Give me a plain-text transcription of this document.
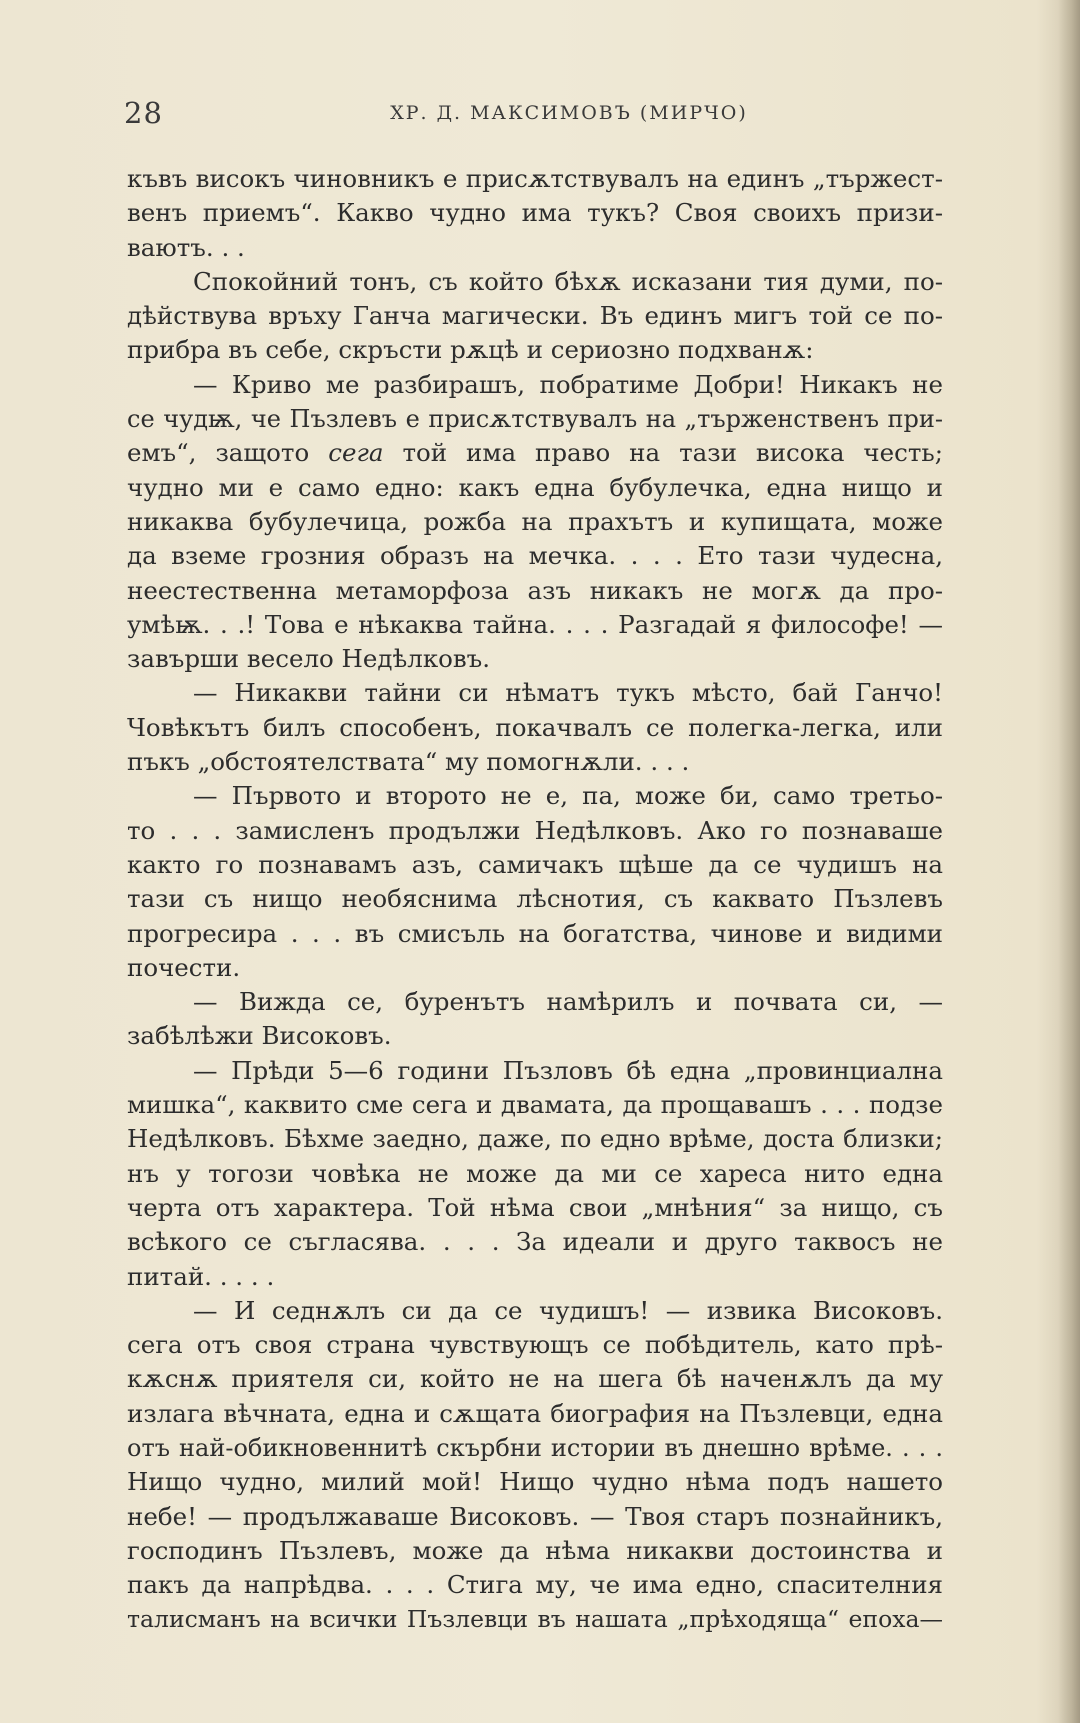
28	ХР. Д. МАКСИМОВЪ (МИРЧО)
къвъ високъ чиновникъ е присѫтствувалъ на единъ „тържест-
венъ приемъ“. Какво чудно има тукъ? Своя своихъ призи-
ваютъ. . .
Спокойний тонъ, съ който бѣхѫ исказани тия думи, по-
дѣйствува връху Ганча магически. Въ единъ мигъ той се по-
прибра въ себе, скръсти рѫцѣ и сериозно подхванѫ:
— Криво ме разбирашъ, побратиме Добри! Никакъ не
се чудѭ, че Пъзлевъ е присѫтствувалъ на „търженственъ при-
емъ“, защото сега той има право на тази висока честь;
чудно ми е само едно: какъ една бубулечка, една нищо и
никаква бубулечица, рожба на прахътъ и купищата, може
да вземе грозния образъ на мечка. . . . Ето тази чудесна,
неестественна метаморфоза азъ никакъ не могѫ да про-
умѣѭ. . .! Това е нѣкаква тайна. . . . Разгадай я философе! —
завърши весело Недѣлковъ.
— Никакви тайни си нѣматъ тукъ мѣсто, бай Ганчо!
Човѣкътъ билъ способенъ, покачвалъ се полегка-легка, или
пъкъ „обстоятелствата“ му помогнѫли. . . .
— Първото и второто не е, па, може би, само третьо-
то . . . замисленъ продължи Недѣлковъ. Ако го познаваше
както го познавамъ азъ, самичакъ щѣше да се чудишъ на
тази съ нищо необяснима лѣснотия, съ каквато Пъзлевъ
прогресира . . . въ смисъль на богатства, чинове и видими
почести.
— Вижда се, буренътъ намѣрилъ и почвата си, —
забѣлѣжи Високовъ.
— Прѣди 5—6 години Пъзловъ бѣ една „провинциална
мишка“, каквито сме сега и двамата, да прощавашъ . . . подзе
Недѣлковъ. Бѣхме заедно, даже, по едно врѣме, доста близки;
нъ у тогози човѣка не може да ми се хареса нито една
черта отъ характера. Той нѣма свои „мнѣния“ за нищо, съ
всѣкого се съгласява. . . . За идеали и друго таквосъ не
питай. . . . .
— И седнѫлъ си да се чудишъ! — извика Високовъ.
сега отъ своя страна чувствующъ се побѣдитель, като прѣ-
кѫснѫ приятеля си, който не на шега бѣ наченѫлъ да му
излага вѣчната, една и сѫщата биография на Пъзлевци, една
отъ най-обикновеннитѣ скърбни истории въ днешно врѣме. . . .
Нищо чудно, милий мой! Нищо чудно нѣма подъ нашето
небе! — продължаваше Високовъ. — Твоя старъ познайникъ,
господинъ Пъзлевъ, може да нѣма никакви достоинства и
пакъ да напрѣдва. . . . Стига му, че има едно, спасителния
талисманъ на всички Пъзлевци въ нашата „прѣходяща“ епоха—
